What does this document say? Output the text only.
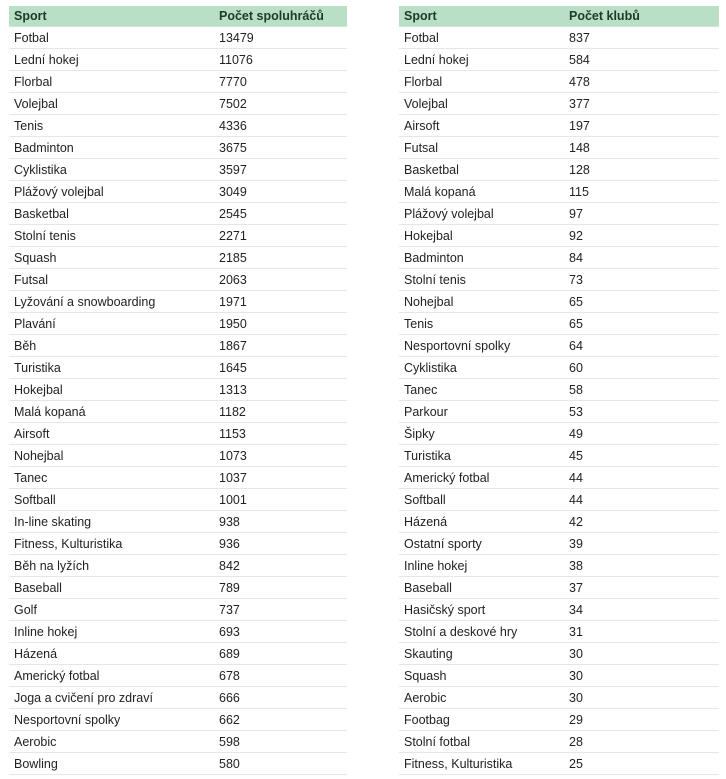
Sport	Počet spoluhráčů
Fotbal	13479
Lední hokej	11076
Florbal	7770
Volejbal	7502
Tenis	4336
Badminton	3675
Cyklistika	3597
Plážový volejbal	3049
Basketbal	2545
Stolní tenis	2271
Squash	2185
Futsal	2063
Lyžování a snowboarding	1971
Plavání	1950
Běh	1867
Turistika	1645
Hokejbal	1313
Malá kopaná	1182
Airsoft	1153
Nohejbal	1073
Tanec	1037
Softball	1001
In-line skating	938
Fitness, Kulturistika	936
Běh na lyžích	842
Baseball	789
Golf	737
Inline hokej	693
Házená	689
Americký fotbal	678
Joga a cvičení pro zdraví	666
Nesportovní spolky	662
Aerobic	598
Bowling	580
Sport	Počet klubů
Fotbal	837
Lední hokej	584
Florbal	478
Volejbal	377
Airsoft	197
Futsal	148
Basketbal	128
Malá kopaná	115
Plážový volejbal	97
Hokejbal	92
Badminton	84
Stolní tenis	73
Nohejbal	65
Tenis	65
Nesportovní spolky	64
Cyklistika	60
Tanec	58
Parkour	53
Šipky	49
Turistika	45
Americký fotbal	44
Softball	44
Házená	42
Ostatní sporty	39
Inline hokej	38
Baseball	37
Hasičský sport	34
Stolní a deskové hry	31
Skauting	30
Squash	30
Aerobic	30
Footbag	29
Stolní fotbal	28
Fitness, Kulturistika	25
